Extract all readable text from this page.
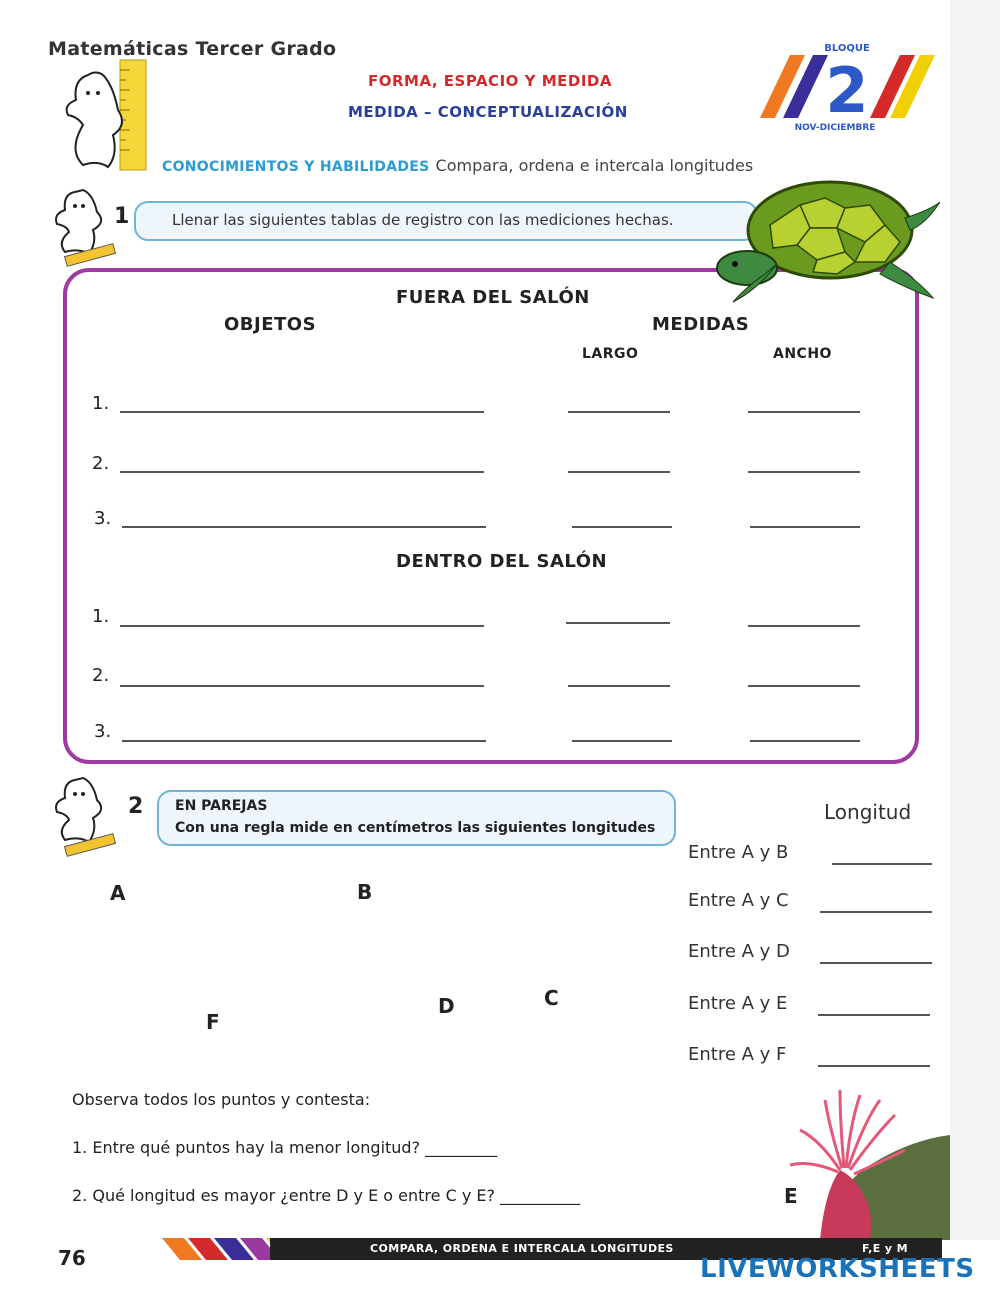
Matemáticas Tercer Grado
FORMA, ESPACIO Y MEDIDA
MEDIDA – CONCEPTUALIZACIÓN	2
BLOQUE
NOV-DICIEMBRE
CONOCIMIENTOS Y HABILIDADES Compara, ordena e intercala longitudes
1	Llenar las siguientes tablas de registro con las mediciones hechas.
FUERA DEL SALÓN
OBJETOS	MEDIDAS
LARGO	ANCHO
1.
2.
3.
DENTRO DEL SALÓN
1.
2.
3.
2 EN PAREJAS
Con una regla mide en centímetros las siguientes longitudes
Longitud
Entre A y B
Entre A y C
Entre A y D
Entre A y E
Entre A y F
A	B
C
D
E
F
Observa todos los puntos y contesta:
1. Entre qué puntos hay la menor longitud? _________
2. Qué longitud es mayor ¿entre D y E o entre C y E? __________
76	COMPARA, ORDENA E INTERCALA LONGITUDES	F,E y M
LIVEWORKSHEETS
